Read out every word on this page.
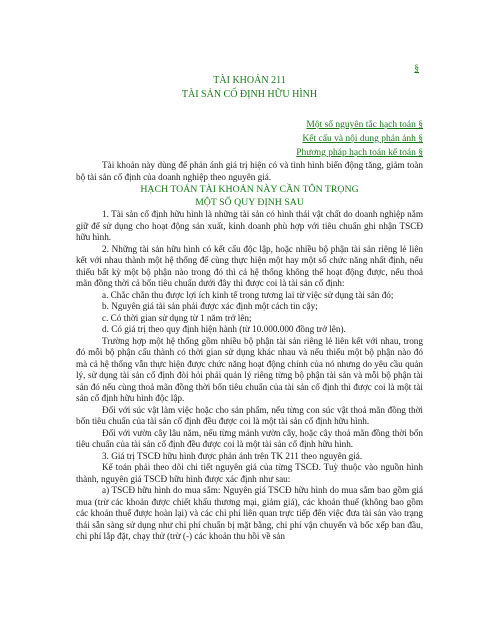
§
TÀI KHOẢN 211
TÀI SẢN CỐ ĐỊNH HỮU HÌNH
Một số nguyên tắc hạch toán §
Kết cấu và nội dung phản ánh §
Phương pháp hạch toán kế toán §

Tài khoản này dùng để phản ánh giá trị hiện có và tình hình biến động tăng, giảm toàn bộ tài sản cố định của doanh nghiệp theo nguyên giá.

HẠCH TOÁN TÀI KHOẢN NÀY CẦN TÔN TRỌNG
MỘT SỐ QUY ĐỊNH SAU

1. Tài sản cố định hữu hình là những tài sản có hình thái vật chất do doanh nghiệp nắm giữ để sử dụng cho hoạt động sản xuất, kinh doanh phù hợp với tiêu chuẩn ghi nhận TSCĐ hữu hình.

2. Những tài sản hữu hình có kết cấu độc lập, hoặc nhiều bộ phận tài sản riêng lẻ liên kết với nhau thành một hệ thống để cùng thực hiện một hay một số chức năng nhất định, nếu thiếu bất kỳ một bộ phận nào trong đó thì cả hệ thống không thể hoạt động được, nếu thoả mãn đồng thời cả bốn tiêu chuẩn dưới đây thì được coi là tài sản cố định:

a. Chắc chắn thu được lợi ích kinh tế trong tương lai từ việc sử dụng tài sản đó;

b. Nguyên giá tài sản phải được xác định một cách tin cậy;

c. Có thời gian sử dụng từ 1 năm trở lên;

d. Có giá trị theo quy định hiện hành (từ 10.000.000 đồng trở lên).

Trường hợp một hệ thống gồm nhiều bộ phận tài sản riêng lẻ liên kết với nhau, trong đó mỗi bộ phận cấu thành có thời gian sử dụng khác nhau và nếu thiếu một bộ phận nào đó mà cả hệ thống vẫn thực hiện được chức năng hoạt động chính của nó nhưng do yêu cầu quản lý, sử dụng tài sản cố định đòi hỏi phải quản lý riêng từng bộ phận tài sản và mỗi bộ phận tài sản đó nếu cùng thoả mãn đồng thời bốn tiêu chuẩn của tài sản cố định thì được coi là một tài sản cố định hữu hình độc lập.

Đối với súc vật làm việc hoặc cho sản phẩm, nếu từng con súc vật thoả mãn đồng thời bốn tiêu chuẩn của tài sản cố định đều được coi là một tài sản cố định hữu hình.

Đối với vườn cây lâu năm, nếu từng mảnh vườn cây, hoặc cây thoả mãn đồng thời bốn tiêu chuẩn của tài sản cố định đều được coi là một tài sản cố định hữu hình.

3. Giá trị TSCĐ hữu hình được phản ánh trên TK 211 theo nguyên giá.

Kế toán phải theo dõi chi tiết nguyên giá của từng TSCĐ. Tuỳ thuộc vào nguồn hình thành, nguyên giá TSCĐ hữu hình được xác định như sau:

a) TSCĐ hữu hình do mua sắm: Nguyên giá TSCĐ hữu hình do mua sắm bao gồm giá mua (trừ các khoản được chiết khấu thương mại, giảm giá), các khoản thuế (không bao gồm các khoản thuế được hoàn lại) và các chi phí liên quan trực tiếp đến việc đưa tài sản vào trạng thái sẵn sàng sử dụng như chi phí chuẩn bị mặt bằng, chi phí vận chuyển và bốc xếp ban đầu, chi phí lắp đặt, chạy thử (trừ (-) các khoản thu hồi về sản
